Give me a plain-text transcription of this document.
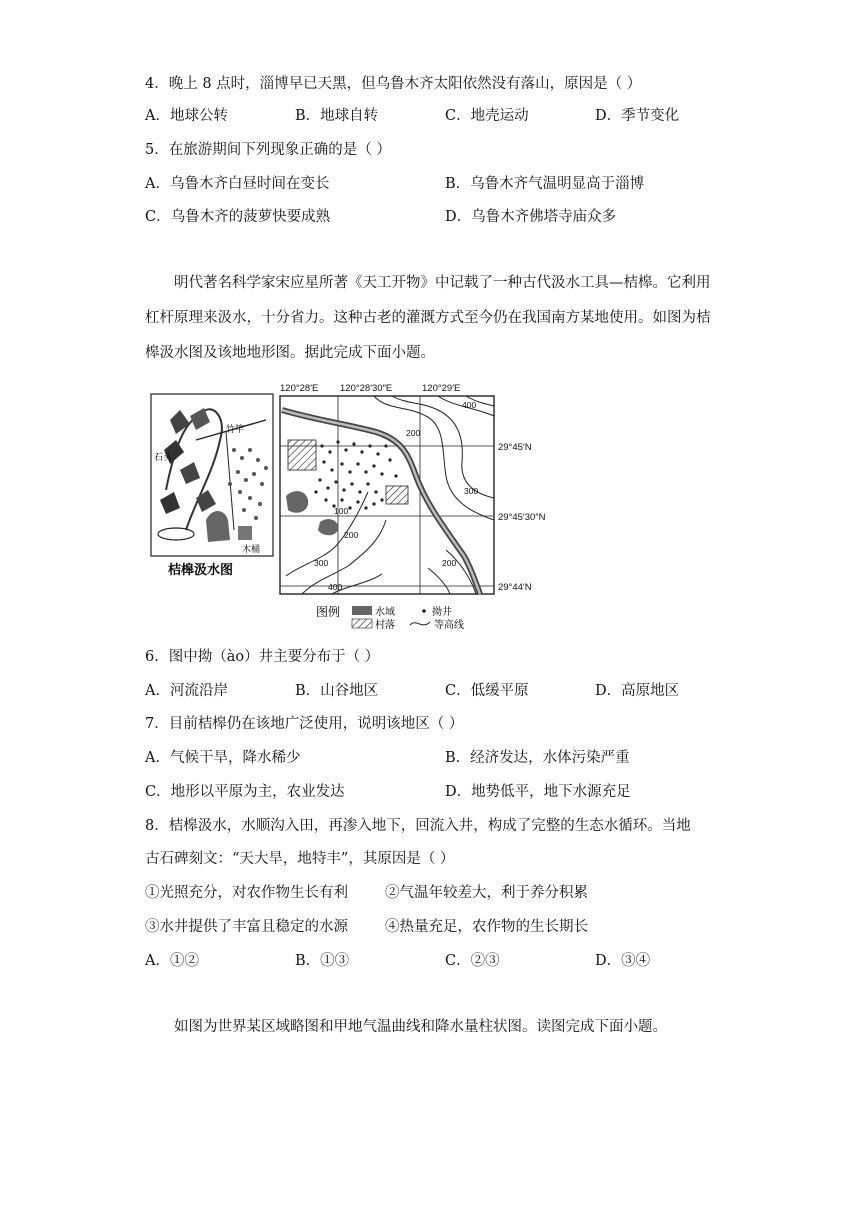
4．晚上 8 点时，淄博早已天黑，但乌鲁木齐太阳依然没有落山，原因是（ ）
A．地球公转	B．地球自转	C．地壳运动	D．季节变化
5．在旅游期间下列现象正确的是（ ）
A．乌鲁木齐白昼时间在变长	B．乌鲁木齐气温明显高于淄博
C．乌鲁木齐的菠萝快要成熟	D．乌鲁木齐佛塔寺庙众多
明代著名科学家宋应星所著《天工开物》中记载了一种古代汲水工具—桔槔。它利用杠杆原理来汲水，十分省力。这种古老的灌溉方式至今仍在我国南方某地使用。如图为桔槔汲水图及该地地形图。据此完成下面小题。
竹竿
石头
木桶
桔槔汲水图
400
200
300
100
200
300
400
200
120°28′E 120°28′30″E	120°29′E
29°45′N
29°45′30″N
29°44′N
图例	水域	拗井
村落	等高线
6．图中拗（ào）井主要分布于（ ）
A．河流沿岸	B．山谷地区	C．低缓平原	D．高原地区
7．目前桔槔仍在该地广泛使用，说明该地区（ ）
A．气候干旱，降水稀少	B．经济发达，水体污染严重
C．地形以平原为主，农业发达	D．地势低平，地下水源充足
8．桔槔汲水，水顺沟入田，再渗入地下，回流入井，构成了完整的生态水循环。当地
古石碑刻文：“天大旱，地特丰”，其原因是（ ）
①光照充分，对农作物生长有利	②气温年较差大，利于养分积累
③水井提供了丰富且稳定的水源	④热量充足，农作物的生长期长
A．①②	B．①③	C．②③	D．③④
如图为世界某区域略图和甲地气温曲线和降水量柱状图。读图完成下面小题。
